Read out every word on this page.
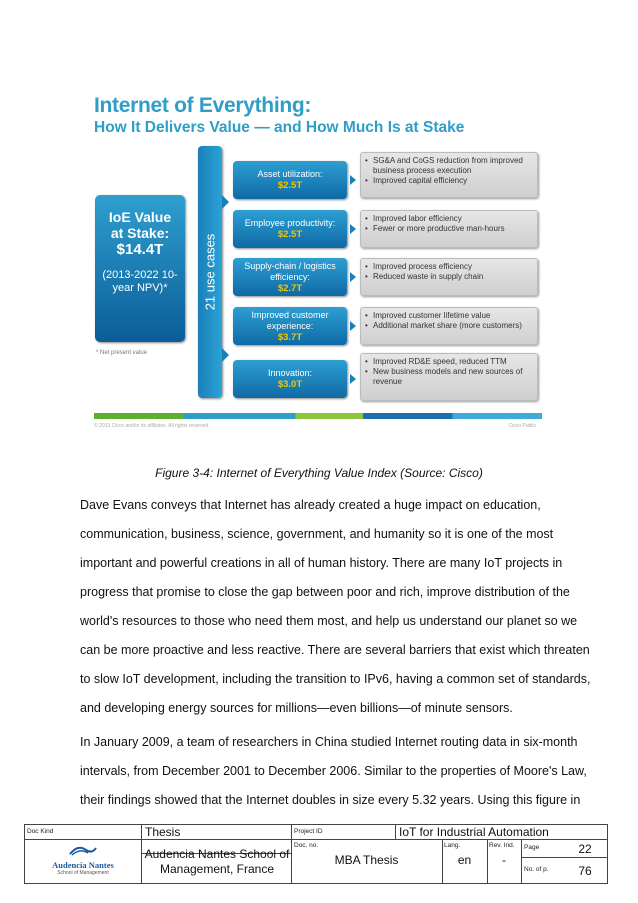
Internet of Everything:
How It Delivers Value — and How Much Is at Stake
IoE Value
at Stake:
$14.4T
(2013-2022 10-year NPV)*
* Net present value
21 use cases
Asset utilization:
$2.5T
• SG&A and CoGS reduction from improved business process execution
• Improved capital efficiency
Employee productivity:
$2.5T
• Improved labor efficiency
• Fewer or more productive man-hours
Supply-chain / logistics efficiency:
$2.7T
• Improved process efficiency
• Reduced waste in supply chain
Improved customer experience:
$3.7T
• Improved customer lifetime value
• Additional market share (more customers)
Innovation:
$3.0T
• Improved RD&E speed, reduced TTM
• New business models and new sources of revenue
© 2013 Cisco and/or its affiliates. All rights reserved.	Cisco Public
Figure 3-4: Internet of Everything Value Index (Source: Cisco)
Dave Evans conveys that Internet has already created a huge impact on education,
communication, business, science, government, and humanity so it is one of the most
important and powerful creations in all of human history. There are many IoT projects in
progress that promise to close the gap between poor and rich, improve distribution of the
world's resources to those who need them most, and help us understand our planet so we
can be more proactive and less reactive. There are several barriers that exist which threaten
to slow IoT development, including the transition to IPv6, having a common set of standards,
and developing energy sources for millions—even billions—of minute sensors.
In January 2009, a team of researchers in China studied Internet routing data in six-month
intervals, from December 2001 to December 2006. Similar to the properties of Moore's Law,
their findings showed that the Internet doubles in size every 5.32 years. Using this figure in
Doc Kind	Thesis	Project ID	IoT for Industrial Automation
Audencia Nantes
School of Management
Audencia Nantes School of Management, France
Doc. no.
MBA Thesis
Lang.
en
Rev. Ind.
-
Page	22
No. of p.	76
